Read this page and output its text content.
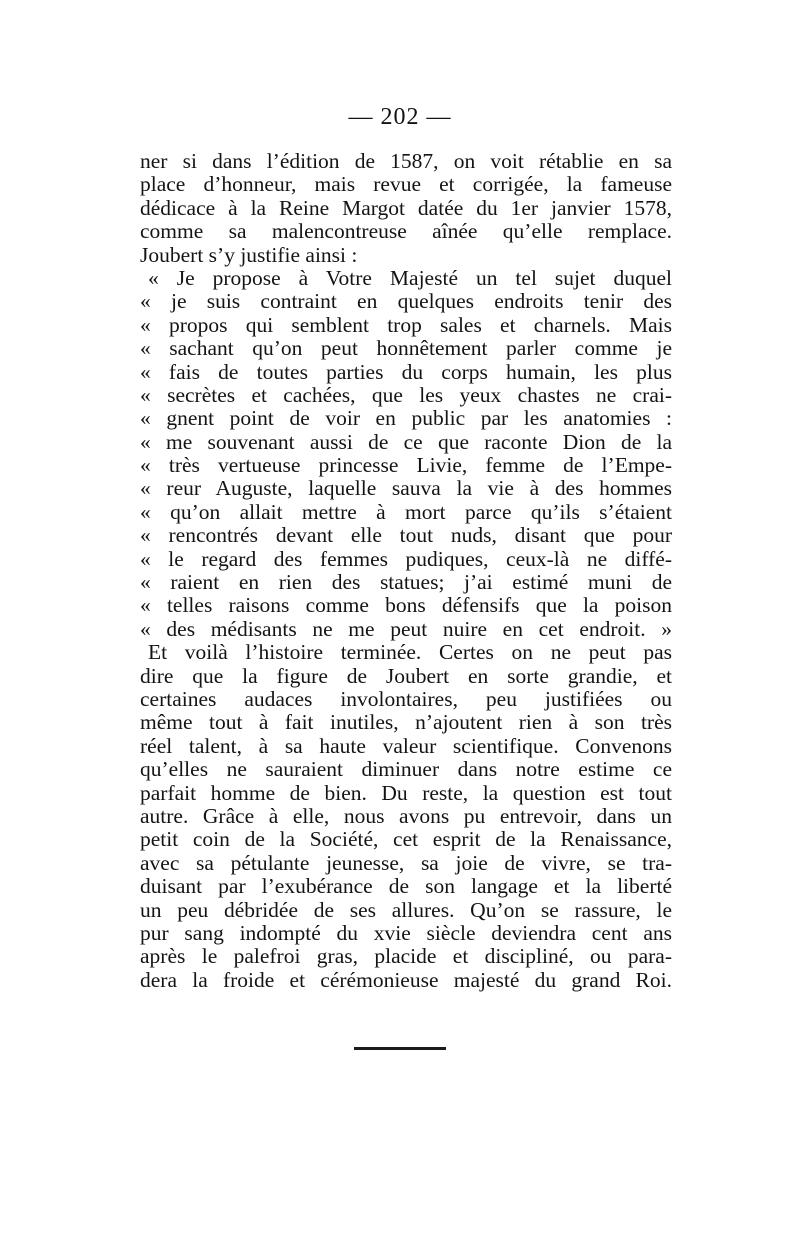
— 202 —
ner si dans l’édition de 1587, on voit rétablie en sa
place d’honneur, mais revue et corrigée, la fameuse
dédicace à la Reine Margot datée du 1er janvier 1578,
comme sa malencontreuse aînée qu’elle remplace.
Joubert s’y justifie ainsi :
« Je propose à Votre Majesté un tel sujet duquel
« je suis contraint en quelques endroits tenir des
« propos qui semblent trop sales et charnels. Mais
« sachant qu’on peut honnêtement parler comme je
« fais de toutes parties du corps humain, les plus
« secrètes et cachées, que les yeux chastes ne crai-
« gnent point de voir en public par les anatomies :
« me souvenant aussi de ce que raconte Dion de la
« très vertueuse princesse Livie, femme de l’Empe-
« reur Auguste, laquelle sauva la vie à des hommes
« qu’on allait mettre à mort parce qu’ils s’étaient
« rencontrés devant elle tout nuds, disant que pour
« le regard des femmes pudiques, ceux-là ne diffé-
« raient en rien des statues; j’ai estimé muni de
« telles raisons comme bons défensifs que la poison
« des médisants ne me peut nuire en cet endroit. »
Et voilà l’histoire terminée. Certes on ne peut pas
dire que la figure de Joubert en sorte grandie, et
certaines audaces involontaires, peu justifiées ou
même tout à fait inutiles, n’ajoutent rien à son très
réel talent, à sa haute valeur scientifique. Convenons
qu’elles ne sauraient diminuer dans notre estime ce
parfait homme de bien. Du reste, la question est tout
autre. Grâce à elle, nous avons pu entrevoir, dans un
petit coin de la Société, cet esprit de la Renaissance,
avec sa pétulante jeunesse, sa joie de vivre, se tra-
duisant par l’exubérance de son langage et la liberté
un peu débridée de ses allures. Qu’on se rassure, le
pur sang indompté du xvie siècle deviendra cent ans
après le palefroi gras, placide et discipliné, ou para-
dera la froide et cérémonieuse majesté du grand Roi.
